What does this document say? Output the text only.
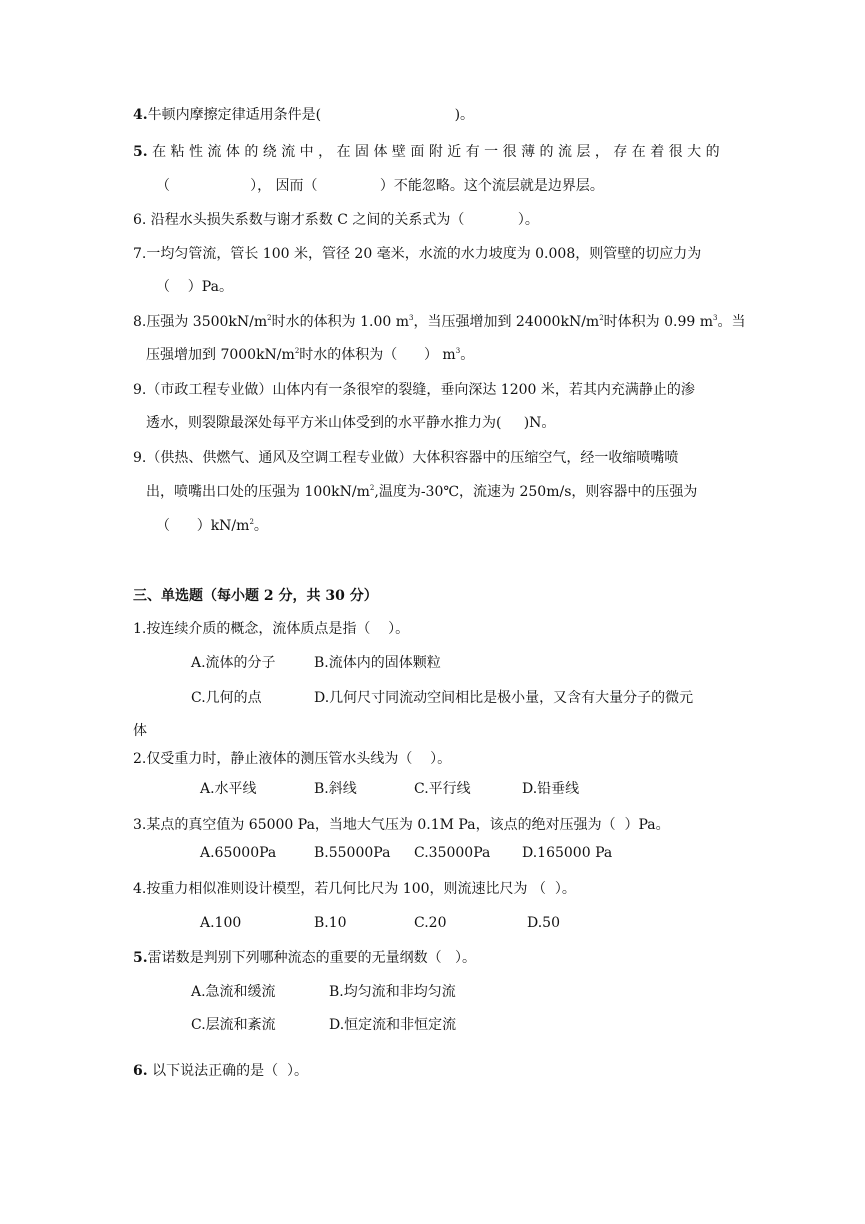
4.牛顿内摩擦定律适用条件是(                              )。
5. 在 粘 性 流 体 的 绕 流 中 ， 在 固 体 壁 面 附 近 有 一 很 薄 的 流 层 ， 存 在 着 很 大 的
（                  ）， 因而（              ）不能忽略。这个流层就是边界层。
6. 沿程水头损失系数与谢才系数 C 之间的关系式为（            ）。
7.一均匀管流，管长 100 米，管径 20 毫米，水流的水力坡度为 0.008，则管壁的切应力为
（    ）Pa。
8.压强为 $3500kN/m^2$时水的体积为 1.00 $m^3$，当压强增加到 $24000kN/m^2$时体积为 0.99 $m^3$。当
压强增加到 $7000kN/m^2$时水的体积为（      ） $m^3$。
9.（市政工程专业做）山体内有一条很窄的裂缝，垂向深达 1200 米，若其内充满静止的渗
透水，则裂隙最深处每平方米山体受到的水平静水推力为(     )N。
9.（供热、供燃气、通风及空调工程专业做）大体积容器中的压缩空气，经一收缩喷嘴喷
出，喷嘴出口处的压强为 $100kN/m^2$,温度为-30℃，流速为 250m/s，则容器中的压强为
（      ）$kN/m^2$。
三、单选题（每小题 2 分，共 30 分）
1.按连续介质的概念，流体质点是指（    ）。
A.流体的分子	B.流体内的固体颗粒
C.几何的点	D.几何尺寸同流动空间相比是极小量，又含有大量分子的微元
体
2.仅受重力时，静止液体的测压管水头线为（    ）。
A.水平线	B.斜线	C.平行线	D.铅垂线
3.某点的真空值为 65000 Pa，当地大气压为 0.1M Pa，该点的绝对压强为（  ）Pa。
A.65000Pa	B.55000Pa C.35000Pa D.165000 Pa
4.按重力相似准则设计模型，若几何比尺为 100，则流速比尺为 （  ）。
A.100	B.10	C.20	D.50
5.雷诺数是判别下列哪种流态的重要的无量纲数（   ）。
A.急流和缓流	B.均匀流和非均匀流
C.层流和紊流	D.恒定流和非恒定流
6. 以下说法正确的是（  ）。
